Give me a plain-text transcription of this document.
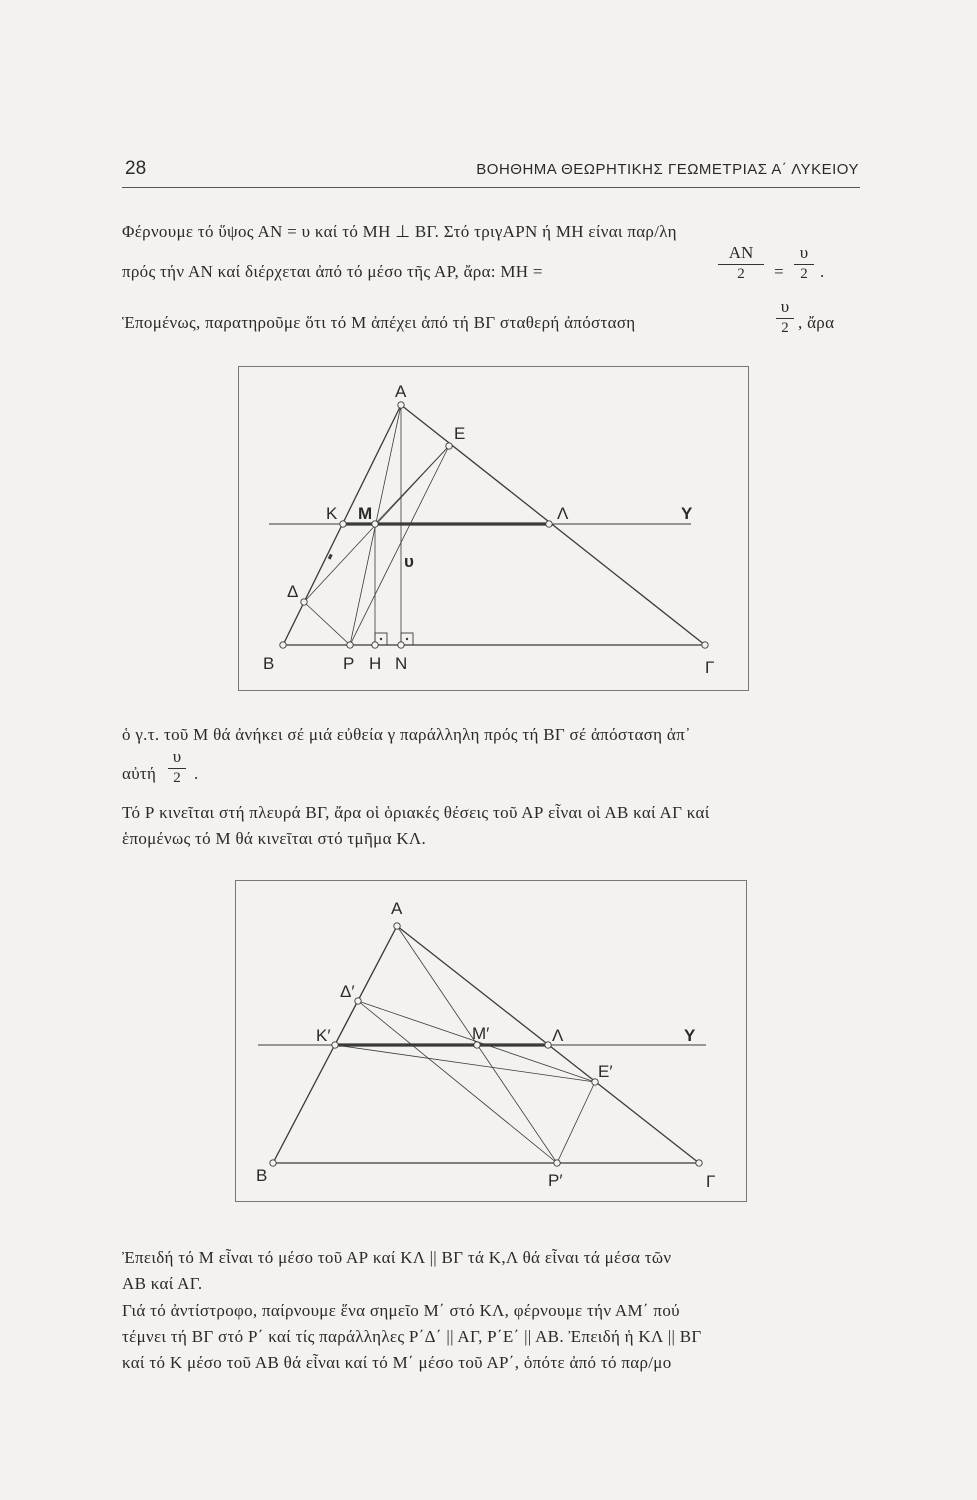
28	ΒΟΗΘΗΜΑ ΘΕΩΡΗΤΙΚΗΣ ΓΕΩΜΕΤΡΙΑΣ Α΄ ΛΥΚΕΙΟΥ
Φέρνουμε τό ὕψος ΑΝ = υ καί τό ΜΗ ⊥ ΒΓ. Στό τριγΑΡΝ ή ΜΗ είναι παρ/λη
πρός τήν ΑΝ καί διέρχεται ἀπό τό μέσο τῆς ΑΡ, ἄρα: ΜΗ =
ΑΝ
2	=
υ
2 .
Ἑπομένως, παρατηροῦμε ὅτι τό Μ ἀπέχει ἀπό τή ΒΓ σταθερή ἀπόσταση
υ
2 , ἄρα
Α
Ε
Κ Μ	Λ	Υ
υ
Δ
Β	Ρ Η Ν	Γ
ὁ γ.τ. τοῦ Μ θά ἀνήκει σέ μιά εὐθεία γ παράλληλη πρός τή ΒΓ σέ ἀπόσταση ἀπ᾽
αὐτή
υ
2 .
Τό Ρ κινεῖται στή πλευρά ΒΓ, ἄρα οἱ ὁριακές θέσεις τοῦ ΑΡ εἶναι οἱ ΑΒ καί ΑΓ καί
ἑπομένως τό Μ θά κινεῖται στό τμῆμα ΚΛ.
Α
Δ′
Κ′	Μ′	Λ	Υ
Ε′
Β	Ρ′	Γ
Ἐπειδή τό Μ εἶναι τό μέσο τοῦ ΑΡ καί ΚΛ || ΒΓ τά Κ,Λ θά εἶναι τά μέσα τῶν
ΑΒ καί ΑΓ.
Γιά τό ἀντίστροφο, παίρνουμε ἕνα σημεῖο Μ΄ στό ΚΛ, φέρνουμε τήν ΑΜ΄ πού
τέμνει τή ΒΓ στό Ρ΄ καί τίς παράλληλες Ρ΄Δ΄ || ΑΓ, Ρ΄Ε΄ || ΑΒ. Ἐπειδή ἡ ΚΛ || ΒΓ
καί τό Κ μέσο τοῦ ΑΒ θά εἶναι καί τό Μ΄ μέσο τοῦ ΑΡ΄, ὁπότε ἀπό τό παρ/μο
